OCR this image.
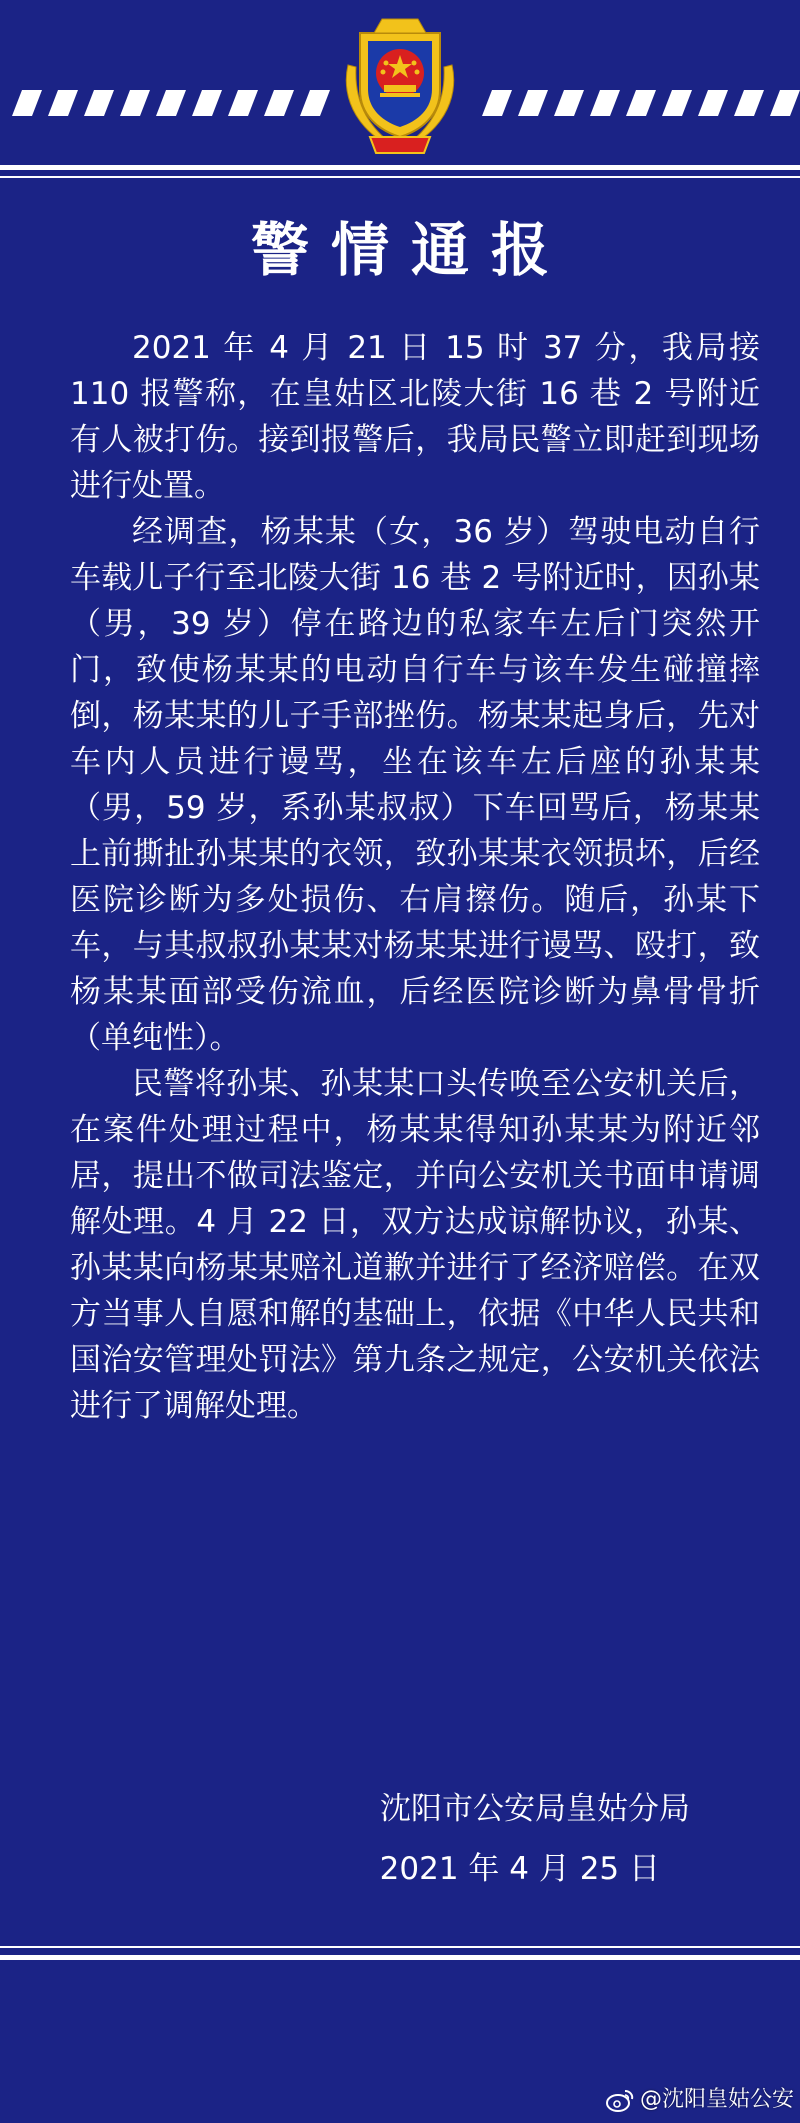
警情通报

2021 年 4 月 21 日 15 时 37 分，我局接 110 报警称，在皇姑区北陵大街 16 巷 2 号附近有人被打伤。接到报警后，我局民警立即赶到现场进行处置。

经调查，杨某某（女，36 岁）驾驶电动自行车载儿子行至北陵大街 16 巷 2 号附近时，因孙某（男，39 岁）停在路边的私家车左后门突然开门，致使杨某某的电动自行车与该车发生碰撞摔倒，杨某某的儿子手部挫伤。杨某某起身后，先对车内人员进行谩骂，坐在该车左后座的孙某某（男，59 岁，系孙某叔叔）下车回骂后，杨某某上前撕扯孙某某的衣领，致孙某某衣领损坏，后经医院诊断为多处损伤、右肩擦伤。随后，孙某下车，与其叔叔孙某某对杨某某进行谩骂、殴打，致杨某某面部受伤流血，后经医院诊断为鼻骨骨折（单纯性）。

民警将孙某、孙某某口头传唤至公安机关后，在案件处理过程中，杨某某得知孙某某为附近邻居，提出不做司法鉴定，并向公安机关书面申请调解处理。4 月 22 日，双方达成谅解协议，孙某、孙某某向杨某某赔礼道歉并进行了经济赔偿。在双方当事人自愿和解的基础上，依据《中华人民共和国治安管理处罚法》第九条之规定，公安机关依法进行了调解处理。

沈阳市公安局皇姑分局
2021 年 4 月 25 日
@沈阳皇姑公安
